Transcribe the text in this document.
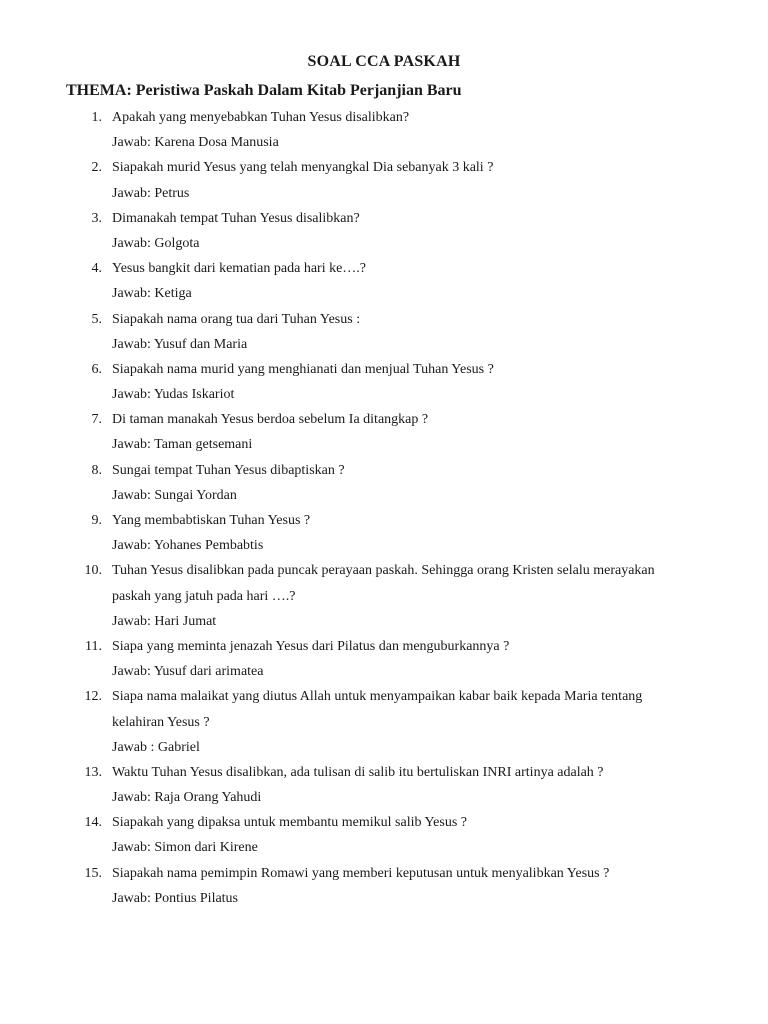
SOAL CCA PASKAH
THEMA: Peristiwa Paskah Dalam Kitab Perjanjian Baru
1. Apakah yang menyebabkan Tuhan Yesus disalibkan?
Jawab: Karena Dosa Manusia
2. Siapakah murid Yesus yang telah menyangkal Dia sebanyak 3 kali ?
Jawab: Petrus
3. Dimanakah tempat Tuhan Yesus disalibkan?
Jawab: Golgota
4. Yesus bangkit dari kematian pada hari ke….?
Jawab: Ketiga
5. Siapakah nama orang tua dari Tuhan Yesus :
Jawab: Yusuf dan Maria
6. Siapakah nama murid yang menghianati dan menjual Tuhan Yesus ?
Jawab: Yudas Iskariot
7. Di taman manakah Yesus berdoa sebelum Ia ditangkap ?
Jawab: Taman getsemani
8. Sungai tempat Tuhan Yesus dibaptiskan ?
Jawab: Sungai Yordan
9. Yang membabtiskan Tuhan Yesus ?
Jawab: Yohanes Pembabtis
10. Tuhan Yesus disalibkan pada puncak perayaan paskah. Sehingga orang Kristen selalu merayakan
paskah yang jatuh pada hari ….?
Jawab: Hari Jumat
11. Siapa yang meminta jenazah Yesus dari Pilatus dan menguburkannya ?
Jawab: Yusuf dari arimatea
12. Siapa nama malaikat yang diutus Allah untuk menyampaikan kabar baik kepada Maria tentang
kelahiran Yesus ?
Jawab : Gabriel
13. Waktu Tuhan Yesus disalibkan, ada tulisan di salib itu bertuliskan INRI artinya adalah ?
Jawab: Raja Orang Yahudi
14. Siapakah yang dipaksa untuk membantu memikul salib Yesus ?
Jawab: Simon dari Kirene
15. Siapakah nama pemimpin Romawi yang memberi keputusan untuk menyalibkan Yesus ?
Jawab: Pontius Pilatus
